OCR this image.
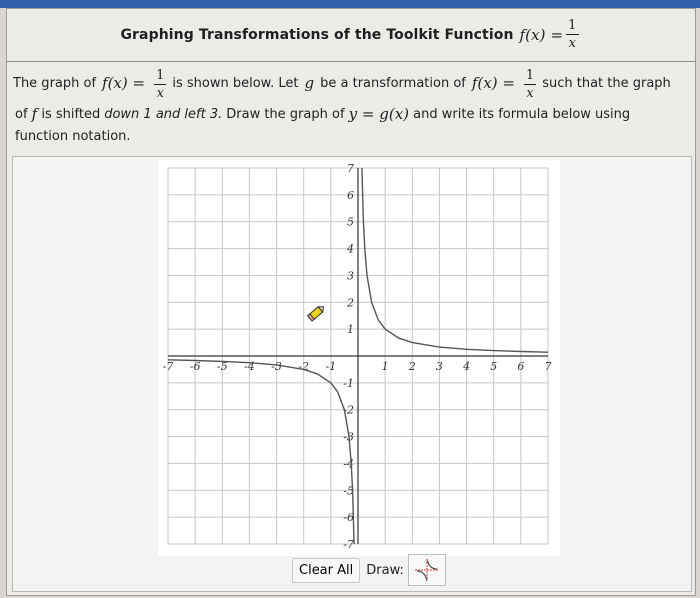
Graphing Transformations of the Toolkit Function $f(x) = \frac{1}{x}$
The graph of $f(x) = \frac{1}{x}$ is shown below. Let g be a transformation of $f(x) = \frac{1}{x}$ such that the graph
of
f
is shifted down 1 and left 3. Draw the graph of
y = g(x)
and write its formula below using
function notation.
-7 -6 -5 -4 -3 -2 -1	1 2 3 4 5 6 7
7
6
5
4
3
2
1
-1
-2
-3
-4
-5
-6
-7
Clear All	Draw:
